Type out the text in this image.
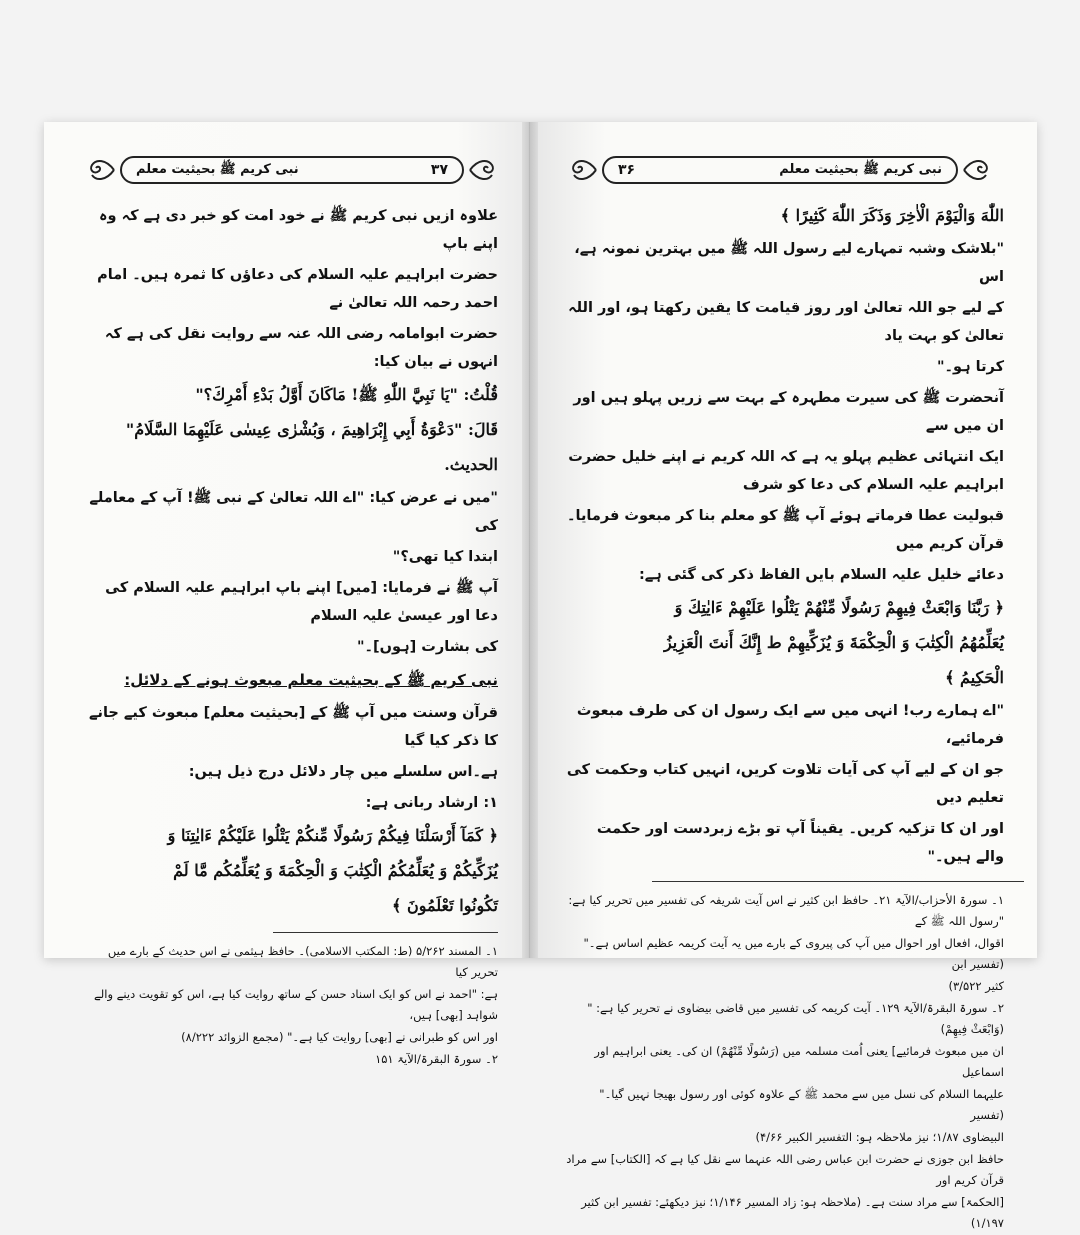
نبی کریم ﷺ بحیثیت معلم	۳۷
علاوہ ازیں نبی کریم ﷺ نے خود امت کو خبر دی ہے کہ وہ اپنے باپ
حضرت ابراہیم علیہ السلام کی دعاؤں کا ثمرہ ہیں۔ امام احمد رحمہ اللہ تعالیٰ نے
حضرت ابوامامہ رضی اللہ عنہ سے روایت نقل کی ہے کہ انہوں نے بیان کیا:
قُلْتُ: "يَا نَبِيَّ اللّٰهِ ﷺ! مَاكَانَ أَوَّلُ بَدْءِ أَمْرِكَ؟"
قَالَ: "دَعْوَةُ أَبِي إِبْرَاهِيمَ ، وَبُشْرٰى عِيسٰى عَلَيْهِمَا السَّلَامُ"
الحديث.
"میں نے عرض کیا: "اے اللہ تعالیٰ کے نبی ﷺ! آپ کے معاملے کی
ابتدا کیا تھی؟"
آپ ﷺ نے فرمایا: [میں] اپنے باپ ابراہیم علیہ السلام کی دعا اور عیسیٰ علیہ السلام
کی بشارت [ہوں]۔"
نبی کریم ﷺ کے بحیثیت معلم مبعوث ہونے کے دلائل:
قرآن وسنت میں آپ ﷺ کے [بحیثیت معلم] مبعوث کیے جانے کا ذکر کیا گیا
ہے۔اس سلسلے میں چار دلائل درج ذیل ہیں:
۱: ارشاد ربانی ہے:
﴿ كَمَآ أَرْسَلْنَا فِيكُمْ رَسُولًا مِّنكُمْ يَتْلُوا عَلَيْكُمْ ءَايٰتِنَا وَ
يُزَكِّيكُمْ وَ يُعَلِّمُكُمُ الْكِتٰبَ وَ الْحِكْمَةَ وَ يُعَلِّمُكُم مَّا لَمْ
تَكُونُوا تَعْلَمُونَ ﴾
۱۔ المسند ۵/۲۶۲ (ط: المکتب الاسلامی)۔ حافظ ہیثمی نے اس حدیث کے بارے میں تحریر کیا
ہے: "احمد نے اس کو ایک اسناد حسن کے ساتھ روایت کیا ہے، اس کو تقویت دینے والے شواہد [بھی] ہیں،
اور اس کو طبرانی نے [بھی] روایت کیا ہے۔" (مجمع الزوائد ۸/۲۲۲)
۲۔ سورۃ البقرۃ/الآیۃ ۱۵۱
۳۶	نبی کریم ﷺ بحیثیت معلم
اللّٰهَ وَالْيَوْمَ الْاٰخِرَ وَذَكَرَ اللّٰهَ كَثِيرًا ﴾
"بلاشک وشبہ تمہارے لیے رسول اللہ ﷺ میں بہترین نمونہ ہے، اس
کے لیے جو اللہ تعالیٰ اور روز قیامت کا یقین رکھتا ہو، اور اللہ تعالیٰ کو بہت یاد
کرتا ہو۔"
آنحضرت ﷺ کی سیرت مطہرہ کے بہت سے زریں پہلو ہیں اور ان میں سے
ایک انتہائی عظیم پہلو یہ ہے کہ اللہ کریم نے اپنے خلیل حضرت ابراہیم علیہ السلام کی دعا کو شرف
قبولیت عطا فرماتے ہوئے آپ ﷺ کو معلم بنا کر مبعوث فرمایا۔ قرآن کریم میں
دعائے خلیل علیہ السلام بایں الفاظ ذکر کی گئی ہے:
﴿ رَبَّنَا وَابْعَثْ فِيهِمْ رَسُولًا مِّنْهُمْ يَتْلُوا عَلَيْهِمْ ءَايٰتِكَ وَ
يُعَلِّمُهُمُ الْكِتٰبَ وَ الْحِكْمَةَ وَ يُزَكِّيهِمْ ط إِنَّكَ أَنتَ الْعَزِيزُ
الْحَكِيمُ ﴾
"اے ہمارے رب! انہی میں سے ایک رسول ان کی طرف مبعوث فرمائیے،
جو ان کے لیے آپ کی آیات تلاوت کریں، انہیں کتاب وحکمت کی تعلیم دیں
اور ان کا تزکیہ کریں۔ یقیناً آپ تو بڑے زبردست اور حکمت والے ہیں۔"
۱۔ سورۃ الأحزاب/الآیۃ ۲۱۔ حافظ ابن کثیر نے اس آیت شریفہ کی تفسیر میں تحریر کیا ہے: "رسول اللہ ﷺ کے
اقوال، افعال اور احوال میں آپ کی پیروی کے بارے میں یہ آیت کریمہ عظیم اساس ہے۔" (تفسیر ابن
کثیر ۳/۵۲۲)
۲۔ سورۃ البقرۃ/الآیۃ ۱۲۹۔ آیت کریمہ کی تفسیر میں قاضی بیضاوی نے تحریر کیا ہے: "(وَابْعَثْ فِيهِمْ)
ان میں مبعوث فرمائیے] یعنی اُمت مسلمہ میں (رَسُولًا مِّنْهُمْ) ان کی۔ یعنی ابراہیم اور اسماعیل
علیہما السلام کی نسل میں سے محمد ﷺ کے علاوہ کوئی اور رسول بھیجا نہیں گیا۔" (تفسیر
البیضاوی ۱/۸۷؛ نیز ملاحظہ ہو: التفسیر الکبیر ۴/۶۶)
حافظ ابن جوزی نے حضرت ابن عباس رضی اللہ عنہما سے نقل کیا ہے کہ [الکتاب] سے مراد قرآن کریم اور
[الحکمۃ] سے مراد سنت ہے۔ (ملاحظہ ہو: زاد المسیر ۱/۱۴۶؛ نیز دیکھئے: تفسیر ابن کثیر ۱/۱۹۷)
